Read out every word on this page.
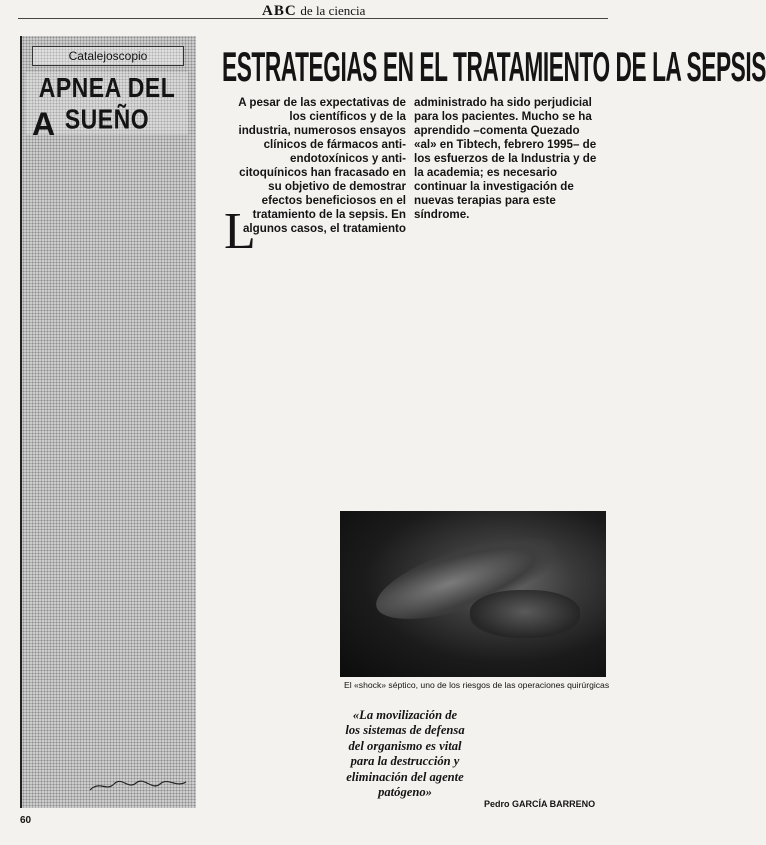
ABC de la ciencia
Catalejoscopio
APNEA DEL SUEÑO
A
ESTRATEGIAS EN EL TRATAMIENTO DE LA SEPSIS
A pesar de las expectativas de los científicos y de la industria, numerosos ensayos clínicos de fármacos anti-endotoxínicos y anti-citoquínicos han fracasado en su objetivo de demostrar efectos beneficiosos en el tratamiento de la sepsis. En algunos casos, el tratamiento
administrado ha sido perjudicial para los pacientes. Mucho se ha aprendido –comenta Quezado «al» en Tibtech, febrero 1995– de los esfuerzos de la Industria y de la academia; es necesario continuar la investigación de nuevas terapias para este síndrome.
L
El «shock» séptico, uno de los riesgos de las operaciones quirúrgicas
«La movilización de los sistemas de defensa del organismo es vital para la destrucción y eliminación del agente patógeno»
Pedro GARCÍA BARRENO
60
